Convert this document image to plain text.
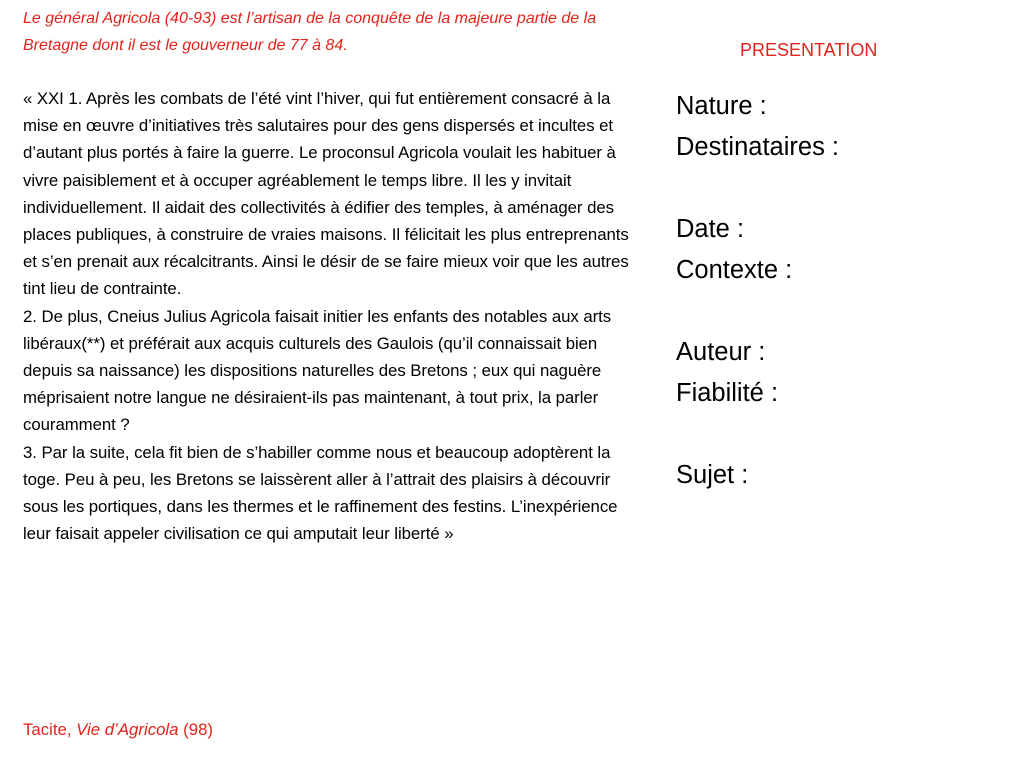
Le général Agricola (40-93) est l’artisan de la conquête de la majeure partie de la Bretagne dont il est le gouverneur de 77 à 84.

« XXI 1. Après les combats de l’été vint l’hiver, qui fut entièrement consacré à la mise en œuvre d’initiatives très salutaires pour des gens dispersés et incultes et d’autant plus portés à faire la guerre. Le proconsul Agricola voulait les habituer à vivre paisiblement et à occuper agréablement le temps libre. Il les y invitait individuellement. Il aidait des collectivités à édifier des temples, à aménager des places publiques, à construire de vraies maisons. Il félicitait les plus entreprenants et s’en prenait aux récalcitrants. Ainsi le désir de se faire mieux voir que les autres tint lieu de contrainte.

2. De plus, Cneius Julius Agricola faisait initier les enfants des notables aux arts libéraux(**) et préférait aux acquis culturels des Gaulois (qu’il connaissait bien depuis sa naissance) les dispositions naturelles des Bretons ; eux qui naguère méprisaient notre langue ne désiraient-ils pas maintenant, à tout prix, la parler couramment ?

3. Par la suite, cela fit bien de s’habiller comme nous et beaucoup adoptèrent la toge. Peu à peu, les Bretons se laissèrent aller à l’attrait des plaisirs à découvrir sous les portiques, dans les thermes et le raffinement des festins. L’inexpérience leur faisait appeler civilisation ce qui amputait leur liberté »

Tacite, Vie d’Agricola (98)

PRESENTATION

Nature :

Destinataires :

Date :

Contexte :

Auteur :

Fiabilité :

Sujet :
